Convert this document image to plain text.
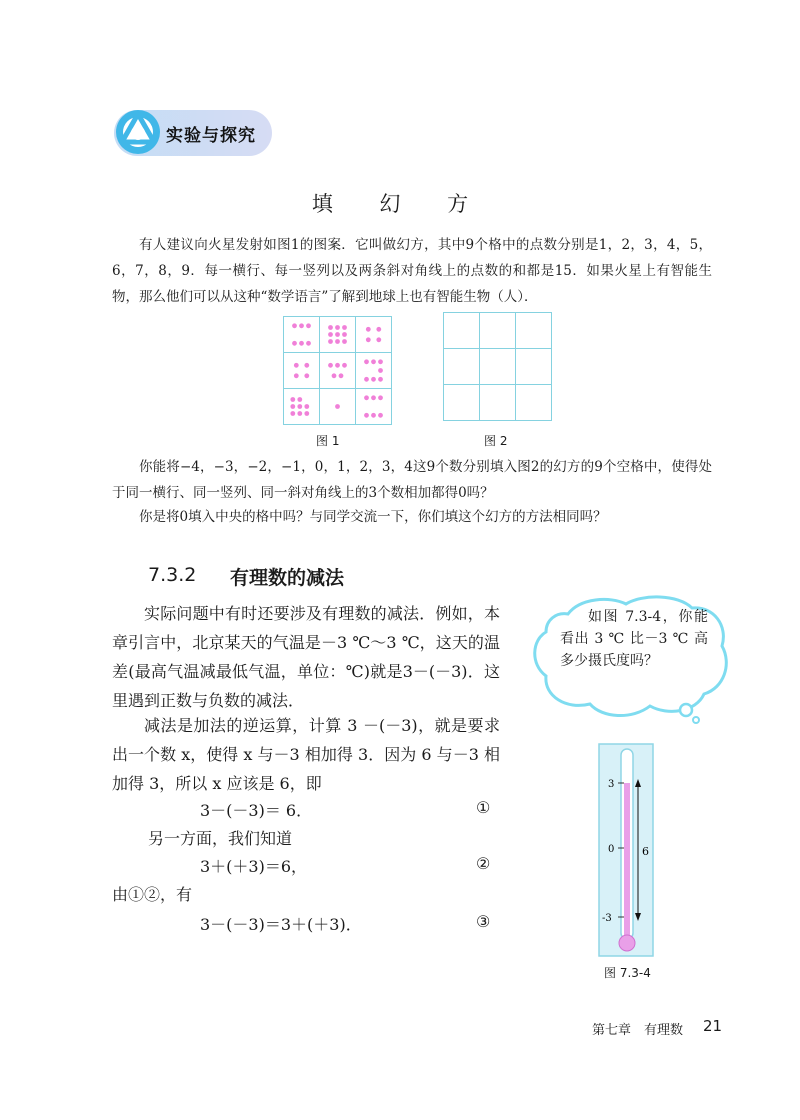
实验与探究
填 幻 方
有人建议向火星发射如图1的图案．它叫做幻方，其中9个格中的点数分别是1，2，3，4，5，6，7，8，9．每一横行、每一竖列以及两条斜对角线上的点数的和都是15．如果火星上有智能生物，那么他们可以从这种“数学语言”了解到地球上也有智能生物（人）．

图 1

			图 2
你能将−4，−3，−2，−1，0，1，2，3，4这9个数分别填入图2的幻方的9个空格中，使得处于同一横行、同一竖列、同一斜对角线上的3个数相加都得0吗？
你是将0填入中央的格中吗？与同学交流一下，你们填这个幻方的方法相同吗？
7.3.2 有理数的减法
实际问题中有时还要涉及有理数的减法．例如，本章引言中，北京某天的气温是－3 ℃～3 ℃，这天的温差(最高气温减最低气温，单位：℃)就是3－(－3)．这里遇到正数与负数的减法．
减法是加法的逆运算，计算 3 －(－3)，就是要求出一个数 x，使得 x 与－3 相加得 3．因为 6 与－3 相加得 3，所以 x 应该是 6，即
3－(－3)＝ 6．	①
另一方面，我们知道
3＋(＋3)＝6，	②
由①②，有
3－(－3)＝3＋(＋3)．	③
如图 7.3-4，你能看出 3 ℃ 比－3 ℃ 高多少摄氏度吗？
3
0
-3
6
图 7.3-4
第七章　有理数 21
